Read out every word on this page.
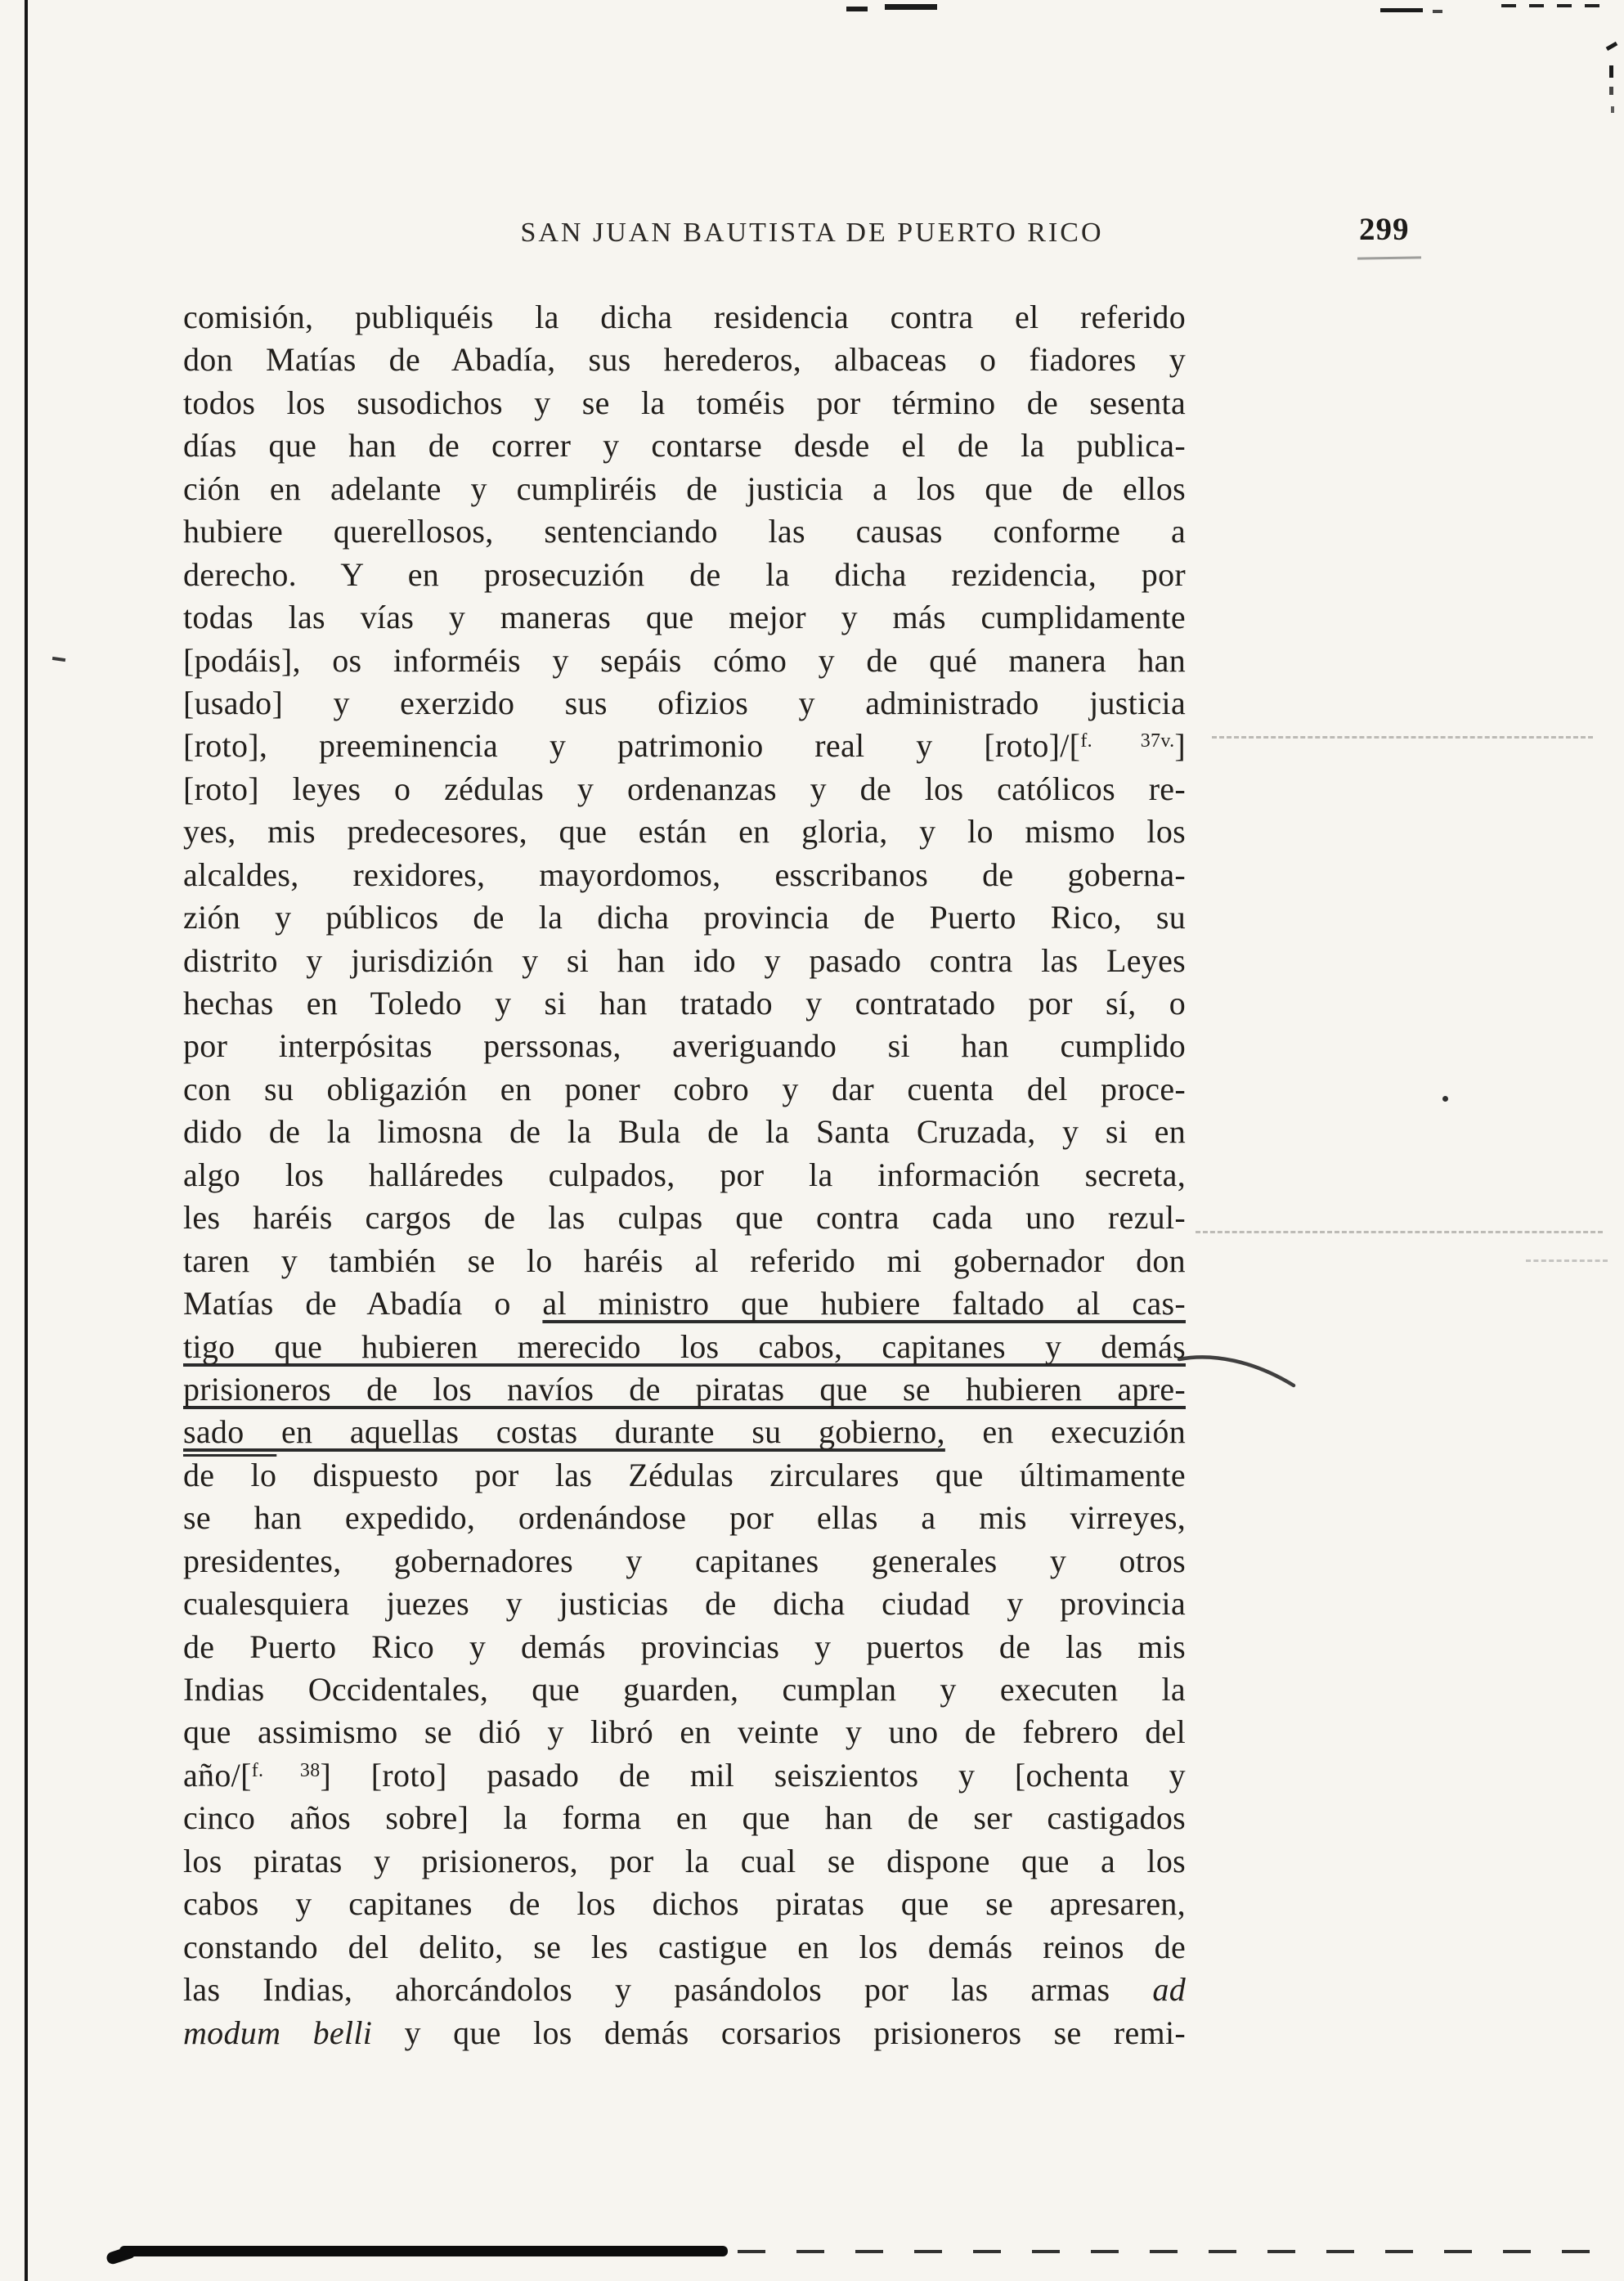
SAN JUAN BAUTISTA DE PUERTO RICO	299
comisión, publiquéis la dicha residencia contra el referido
don Matías de Abadía, sus herederos, albaceas o fiadores y
todos los susodichos y se la toméis por término de sesenta
días que han de correr y contarse desde el de la publica-
ción en adelante y cumpliréis de justicia a los que de ellos
hubiere querellosos, sentenciando las causas conforme a
derecho. Y en prosecuzión de la dicha rezidencia, por
todas las vías y maneras que mejor y más cumplidamente
[podáis], os informéis y sepáis cómo y de qué manera han
[usado] y exerzido sus ofizios y administrado justicia
[roto], preeminencia y patrimonio real y [roto]/[$^{f. 37v.}$]
[roto] leyes o zédulas y ordenanzas y de los católicos re-
yes, mis predecesores, que están en gloria, y lo mismo los
alcaldes, rexidores, mayordomos, esscribanos de goberna-
zión y públicos de la dicha provincia de Puerto Rico, su
distrito y jurisdizión y si han ido y pasado contra las Leyes
hechas en Toledo y si han tratado y contratado por sí, o
por interpósitas perssonas, averiguando si han cumplido
con su obligazión en poner cobro y dar cuenta del proce-
dido de la limosna de la Bula de la Santa Cruzada, y si en
algo los halláredes culpados, por la información secreta,
les haréis cargos de las culpas que contra cada uno rezul-
taren y también se lo haréis al referido mi gobernador don
Matías de Abadía o al ministro que hubiere faltado al cas-
tigo que hubieren merecido los cabos, capitanes y demás
prisioneros de los navíos de piratas que se hubieren apre-
sado en aquellas costas durante su gobierno, en execuzión
de lo dispuesto por las Zédulas zirculares que últimamente
se han expedido, ordenándose por ellas a mis virreyes,
presidentes, gobernadores y capitanes generales y otros
cualesquiera juezes y justicias de dicha ciudad y provincia
de Puerto Rico y demás provincias y puertos de las mis
Indias Occidentales, que guarden, cumplan y executen la
que assimismo se dió y libró en veinte y uno de febrero del
año/[$^{f. 38}$] [roto] pasado de mil seiszientos y [ochenta y
cinco años sobre] la forma en que han de ser castigados
los piratas y prisioneros, por la cual se dispone que a los
cabos y capitanes de los dichos piratas que se apresaren,
constando del delito, se les castigue en los demás reinos de
las Indias, ahorcándolos y pasándolos por las armas ad
modum belli y que los demás corsarios prisioneros se remi-
